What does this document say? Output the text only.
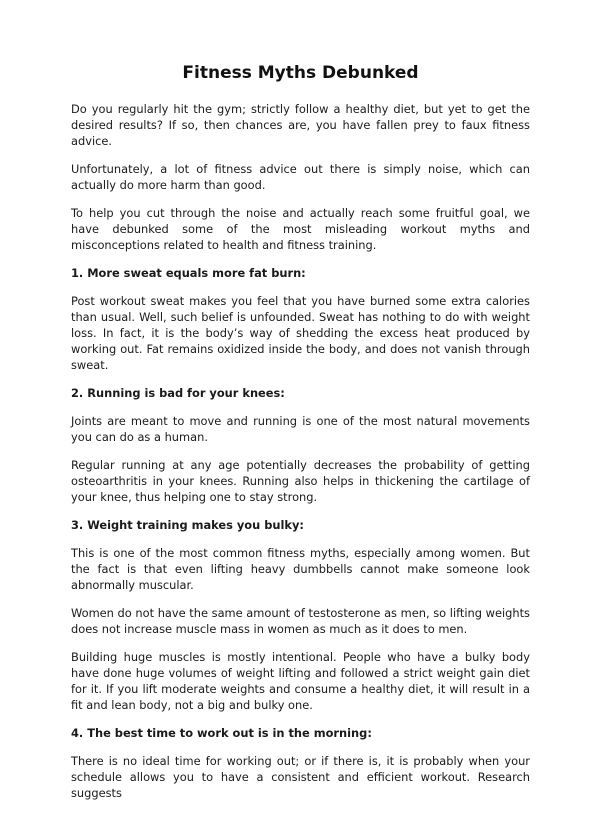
Fitness Myths Debunked

Do you regularly hit the gym; strictly follow a healthy diet, but yet to get the desired results? If so, then chances are, you have fallen prey to faux fitness advice.

Unfortunately, a lot of fitness advice out there is simply noise, which can actually do more harm than good.

To help you cut through the noise and actually reach some fruitful goal, we have debunked some of the most misleading workout myths and misconceptions related to health and fitness training.

1. More sweat equals more fat burn:

Post workout sweat makes you feel that you have burned some extra calories than usual. Well, such belief is unfounded. Sweat has nothing to do with weight loss. In fact, it is the body’s way of shedding the excess heat produced by working out. Fat remains oxidized inside the body, and does not vanish through sweat.

2. Running is bad for your knees:

Joints are meant to move and running is one of the most natural movements you can do as a human.

Regular running at any age potentially decreases the probability of getting osteoarthritis in your knees. Running also helps in thickening the cartilage of your knee, thus helping one to stay strong.

3. Weight training makes you bulky:

This is one of the most common fitness myths, especially among women. But the fact is that even lifting heavy dumbbells cannot make someone look abnormally muscular.

Women do not have the same amount of testosterone as men, so lifting weights does not increase muscle mass in women as much as it does to men.

Building huge muscles is mostly intentional. People who have a bulky body have done huge volumes of weight lifting and followed a strict weight gain diet for it. If you lift moderate weights and consume a healthy diet, it will result in a fit and lean body, not a big and bulky one.

4. The best time to work out is in the morning:

There is no ideal time for working out; or if there is, it is probably when your schedule allows you to have a consistent and efficient workout. Research suggests
